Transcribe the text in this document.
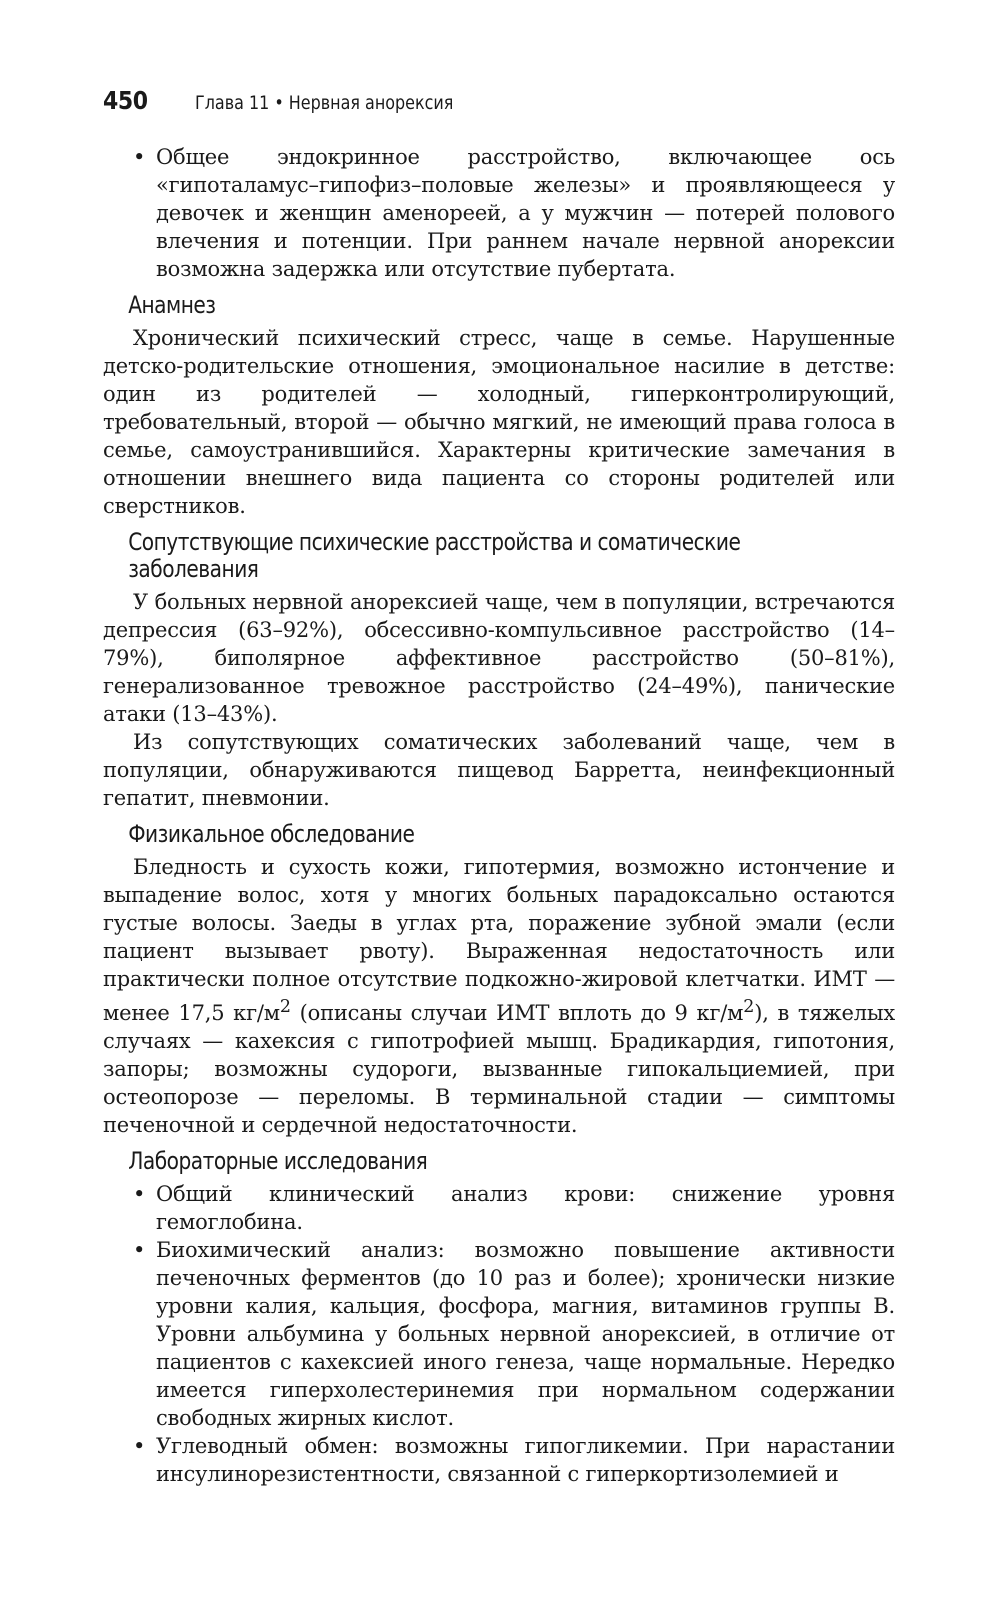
450	Глава 11 • Нервная анорексия
• Общее эндокринное расстройство, включающее ось «гипоталамус–гипофиз–половые железы» и проявляющееся у девочек и женщин аменореей, а у мужчин — потерей полового влечения и потенции. При раннем начале нервной анорексии возможна задержка или отсутствие пубертата.
Анамнез

Хронический психический стресс, чаще в семье. Нарушенные детско-родительские отношения, эмоциональное насилие в детстве: один из родителей — холодный, гиперконтролирующий, требовательный, второй — обычно мягкий, не имеющий права голоса в семье, самоустранившийся. Характерны критические замечания в отношении внешнего вида пациента со стороны родителей или сверстников.

Сопутствующие психические расстройства и соматические заболевания

У больных нервной анорексией чаще, чем в популяции, встречаются депрессия (63–92%), обсессивно-компульсивное расстройство (14–79%), биполярное аффективное расстройство (50–81%), генерализованное тревожное расстройство (24–49%), панические атаки (13–43%).

Из сопутствующих соматических заболеваний чаще, чем в популяции, обнаруживаются пищевод Барретта, неинфекционный гепатит, пневмонии.

Физикальное обследование

Бледность и сухость кожи, гипотермия, возможно истончение и выпадение волос, хотя у многих больных парадоксально остаются густые волосы. Заеды в углах рта, поражение зубной эмали (если пациент вызывает рвоту). Выраженная недостаточность или практически полное отсутствие подкожно-жировой клетчатки. ИМТ — менее 17,5 $кг/м^2$ (описаны случаи ИМТ вплоть до 9 $кг/м^2$), в тяжелых случаях — кахексия с гипотрофией мышц. Брадикардия, гипотония, запоры; возможны судороги, вызванные гипокальциемией, при остеопорозе — переломы. В терминальной стадии — симптомы печеночной и сердечной недостаточности.

Лабораторные исследования
• Общий клинический анализ крови: снижение уровня гемоглобина.
• Биохимический анализ: возможно повышение активности печеночных ферментов (до 10 раз и более); хронически низкие уровни калия, кальция, фосфора, магния, витаминов группы B. Уровни альбумина у больных нервной анорексией, в отличие от пациентов с кахексией иного генеза, чаще нормальные. Нередко имеется гиперхолестеринемия при нормальном содержании свободных жирных кислот.
• Углеводный обмен: возможны гипогликемии. При нарастании инсулинорезистентности, связанной с гиперкортизолемией и
